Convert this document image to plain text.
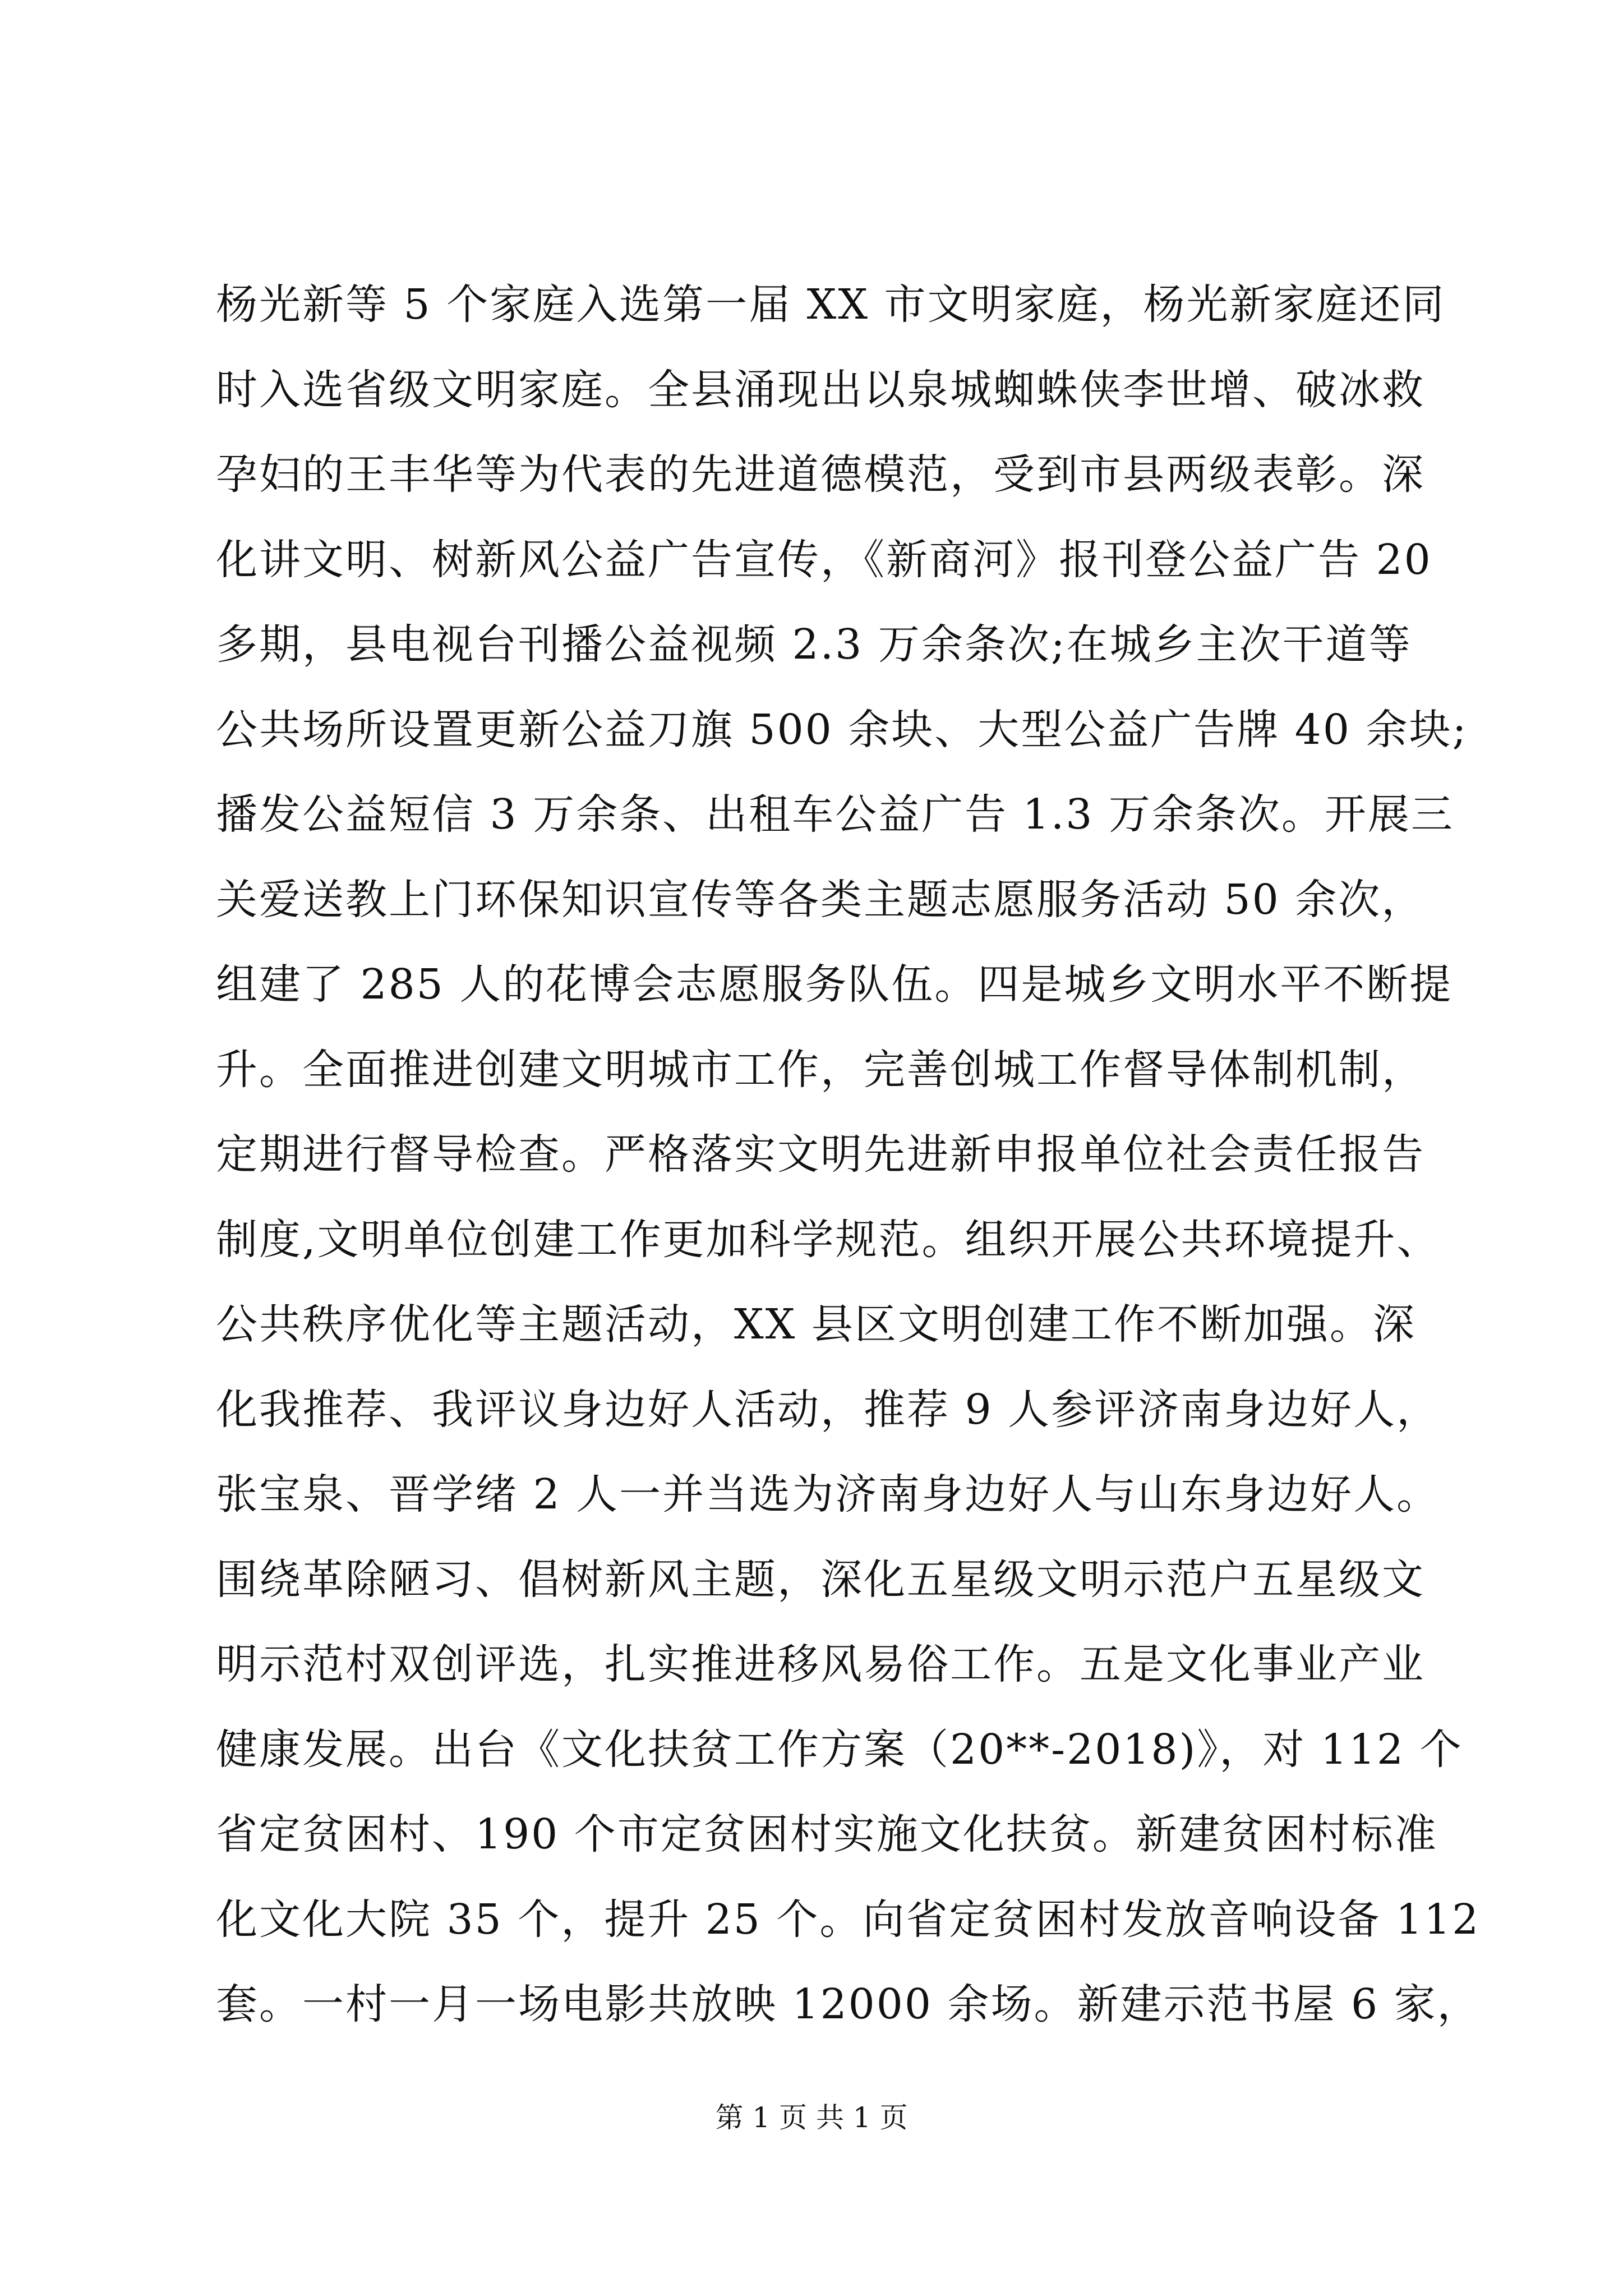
杨光新等 5 个家庭入选第一届 XX 市文明家庭，杨光新家庭还同
时入选省级文明家庭。全县涌现出以泉城蜘蛛侠李世增、破冰救
孕妇的王丰华等为代表的先进道德模范，受到市县两级表彰。深
化讲文明、树新风公益广告宣传，《新商河》报刊登公益广告 20
多期，县电视台刊播公益视频 2.3 万余条次;在城乡主次干道等
公共场所设置更新公益刀旗 500 余块、大型公益广告牌 40 余块;
播发公益短信 3 万余条、出租车公益广告 1.3 万余条次。开展三
关爱送教上门环保知识宣传等各类主题志愿服务活动 50 余次，
组建了 285 人的花博会志愿服务队伍。四是城乡文明水平不断提
升。全面推进创建文明城市工作，完善创城工作督导体制机制，
定期进行督导检查。严格落实文明先进新申报单位社会责任报告
制度,文明单位创建工作更加科学规范。组织开展公共环境提升、
公共秩序优化等主题活动，XX 县区文明创建工作不断加强。深
化我推荐、我评议身边好人活动，推荐 9 人参评济南身边好人，
张宝泉、晋学绪 2 人一并当选为济南身边好人与山东身边好人。
围绕革除陋习、倡树新风主题，深化五星级文明示范户五星级文
明示范村双创评选，扎实推进移风易俗工作。五是文化事业产业
健康发展。出台《文化扶贫工作方案（20**-2018)》，对 112 个
省定贫困村、190 个市定贫困村实施文化扶贫。新建贫困村标准
化文化大院 35 个，提升 25 个。向省定贫困村发放音响设备 112
套。一村一月一场电影共放映 12000 余场。新建示范书屋 6 家，
第 1 页 共 1 页
